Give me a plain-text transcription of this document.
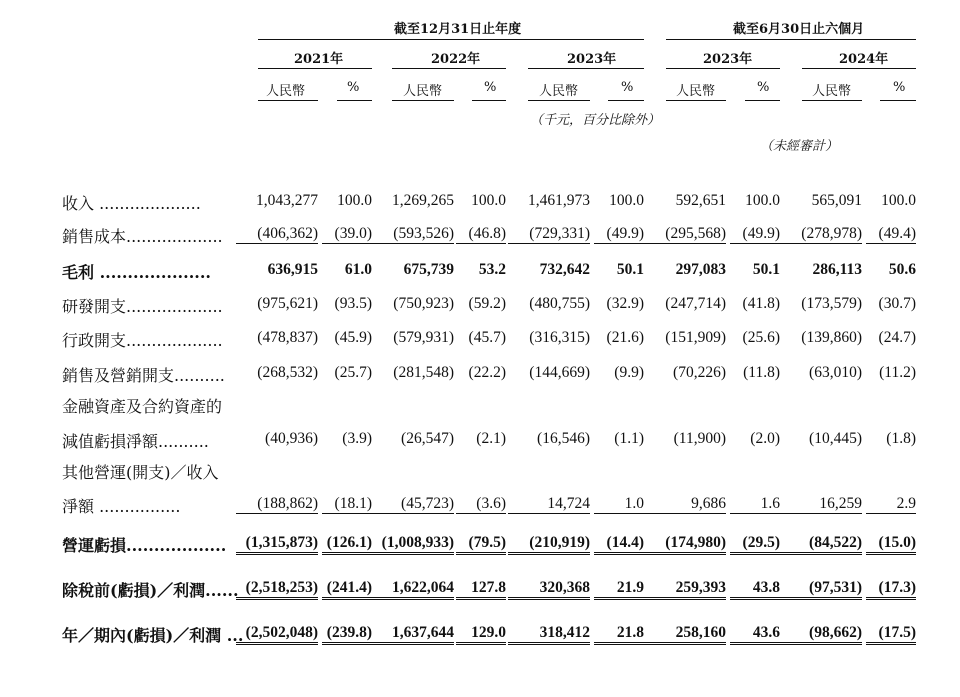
截至12月31日止年度	截至6月30日止六個月
2021年	2022年	2023年	2023年	2024年
人民幣	%	人民幣	%	人民幣	%	人民幣	%	人民幣	%
（千元，百分比除外）
（未經審計）
收入 ....................	1,043,277	100.0	1,269,265	100.0	1,461,973	100.0	592,651	100.0	565,091	100.0
銷售成本...................	(406,362)	(39.0)	(593,526) (46.8)	(729,331)	(49.9)	(295,568)	(49.9)	(278,978)	(49.4)
毛利 ....................	636,915	61.0	675,739	53.2	732,642	50.1	297,083	50.1	286,113	50.6
研發開支...................	(975,621)	(93.5)	(750,923) (59.2)	(480,755)	(32.9)	(247,714)	(41.8)	(173,579)	(30.7)
行政開支...................	(478,837)	(45.9)	(579,931) (45.7)	(316,315)	(21.6)	(151,909)	(25.6)	(139,860)	(24.7)
銷售及營銷開支..........	(268,532)	(25.7)	(281,548) (22.2)	(144,669)	(9.9)	(70,226)	(11.8)	(63,010)	(11.2)
金融資產及合約資產的
減值虧損淨額..........	(40,936)	(3.9)	(26,547)	(2.1)	(16,546)	(1.1)	(11,900)	(2.0)	(10,445)	(1.8)
其他營運(開支)／收入
淨額 ................	(188,862)	(18.1)	(45,723)	(3.6)	14,724	1.0	9,686	1.6	16,259	2.9
營運虧損..................	(1,315,873) (126.1) (1,008,933) (79.5)	(210,919)	(14.4)	(174,980)	(29.5)	(84,522)	(15.0)
除稅前(虧損)／利潤...... (2,518,253) (241.4)	1,622,064	127.8	320,368	21.9	259,393	43.8	(97,531)	(17.3)
年／期內(虧損)／利潤 ... (2,502,048) (239.8)	1,637,644	129.0	318,412	21.8	258,160	43.6	(98,662)	(17.5)
